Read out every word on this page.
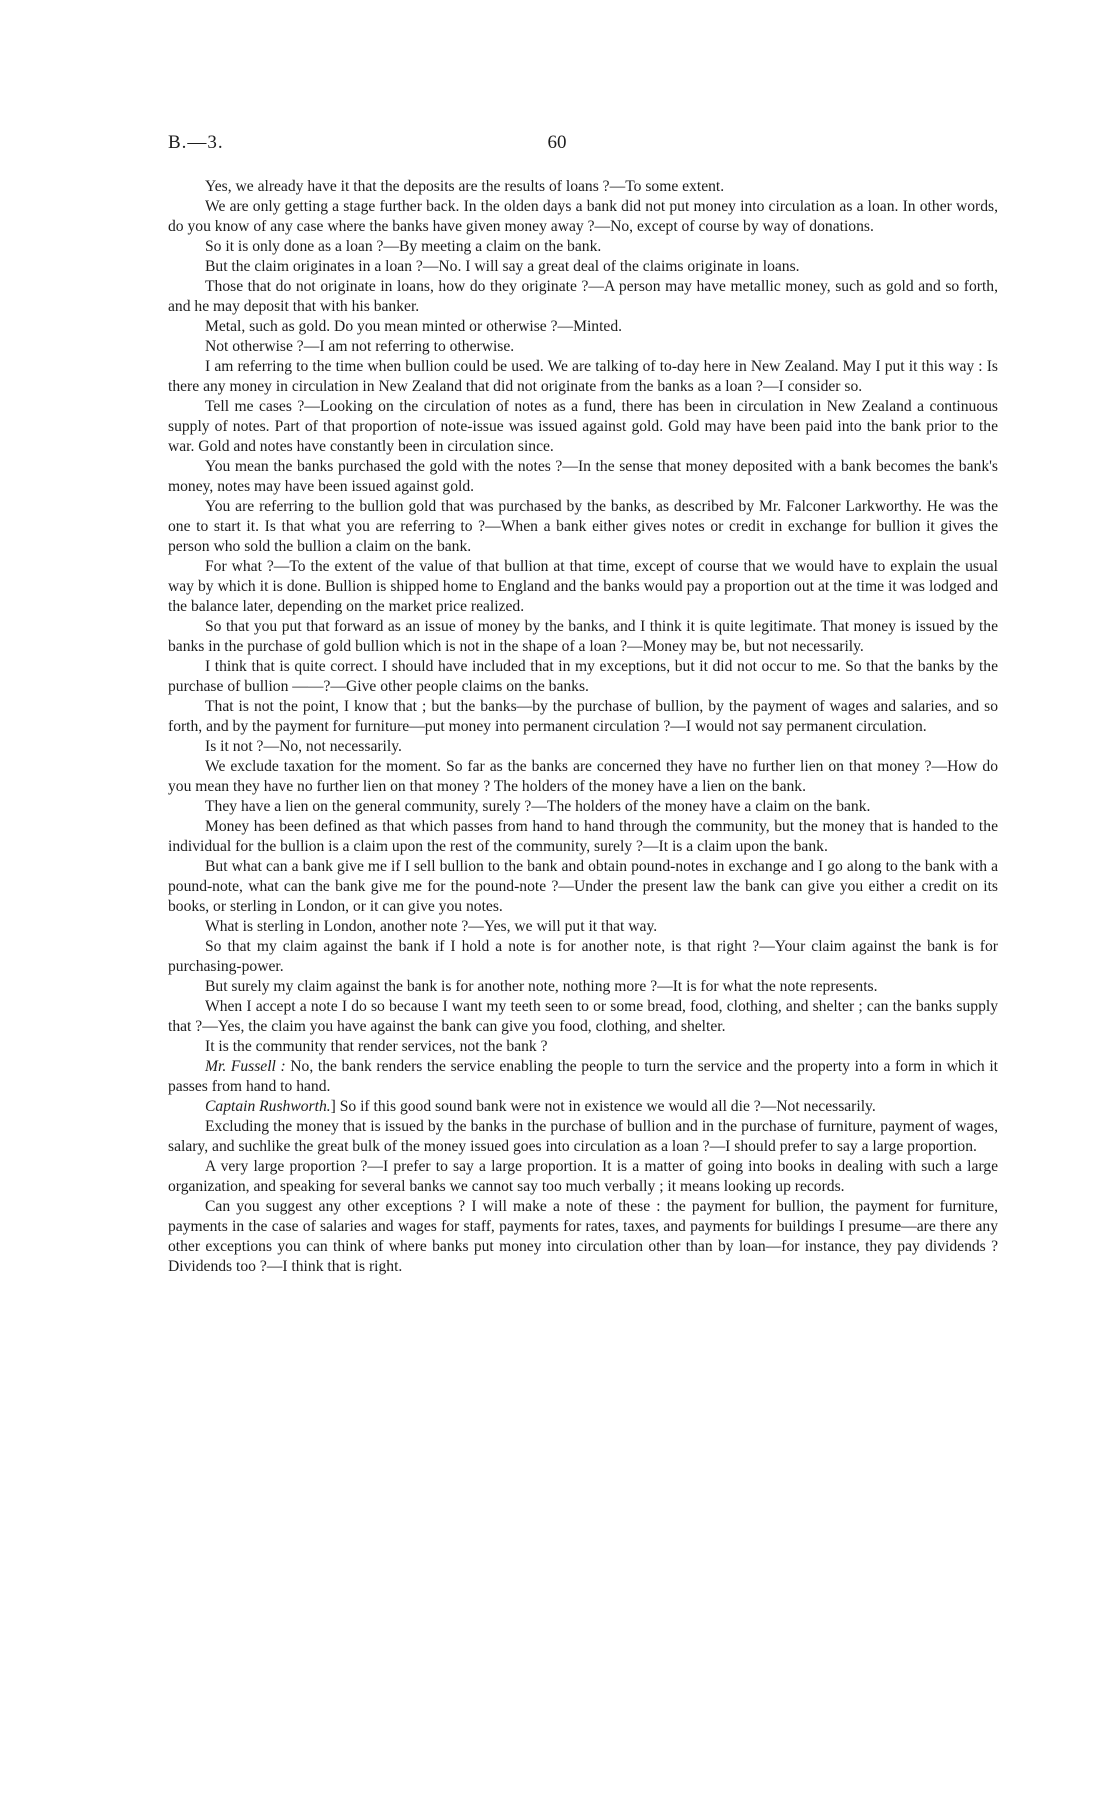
B.—3.	60

Yes, we already have it that the deposits are the results of loans ?—To some extent.

We are only getting a stage further back. In the olden days a bank did not put money into circulation as a loan. In other words, do you know of any case where the banks have given money away ?—No, except of course by way of donations.

So it is only done as a loan ?—By meeting a claim on the bank.

But the claim originates in a loan ?—No. I will say a great deal of the claims originate in loans.

Those that do not originate in loans, how do they originate ?—A person may have metallic money, such as gold and so forth, and he may deposit that with his banker.

Metal, such as gold. Do you mean minted or otherwise ?—Minted.

Not otherwise ?—I am not referring to otherwise.

I am referring to the time when bullion could be used. We are talking of to-day here in New Zealand. May I put it this way : Is there any money in circulation in New Zealand that did not originate from the banks as a loan ?—I consider so.

Tell me cases ?—Looking on the circulation of notes as a fund, there has been in circulation in New Zealand a continuous supply of notes. Part of that proportion of note-issue was issued against gold. Gold may have been paid into the bank prior to the war. Gold and notes have constantly been in circulation since.

You mean the banks purchased the gold with the notes ?—In the sense that money deposited with a bank becomes the bank's money, notes may have been issued against gold.

You are referring to the bullion gold that was purchased by the banks, as described by Mr. Falconer Larkworthy. He was the one to start it. Is that what you are referring to ?—When a bank either gives notes or credit in exchange for bullion it gives the person who sold the bullion a claim on the bank.

For what ?—To the extent of the value of that bullion at that time, except of course that we would have to explain the usual way by which it is done. Bullion is shipped home to England and the banks would pay a proportion out at the time it was lodged and the balance later, depending on the market price realized.

So that you put that forward as an issue of money by the banks, and I think it is quite legitimate. That money is issued by the banks in the purchase of gold bullion which is not in the shape of a loan ?—Money may be, but not necessarily.

I think that is quite correct. I should have included that in my exceptions, but it did not occur to me. So that the banks by the purchase of bullion ——?—Give other people claims on the banks.

That is not the point, I know that ; but the banks—by the purchase of bullion, by the payment of wages and salaries, and so forth, and by the payment for furniture—put money into permanent circulation ?—I would not say permanent circulation.

Is it not ?—No, not necessarily.

We exclude taxation for the moment. So far as the banks are concerned they have no further lien on that money ?—How do you mean they have no further lien on that money ? The holders of the money have a lien on the bank.

They have a lien on the general community, surely ?—The holders of the money have a claim on the bank.

Money has been defined as that which passes from hand to hand through the community, but the money that is handed to the individual for the bullion is a claim upon the rest of the community, surely ?—It is a claim upon the bank.

But what can a bank give me if I sell bullion to the bank and obtain pound-notes in exchange and I go along to the bank with a pound-note, what can the bank give me for the pound-note ?—Under the present law the bank can give you either a credit on its books, or sterling in London, or it can give you notes.

What is sterling in London, another note ?—Yes, we will put it that way.

So that my claim against the bank if I hold a note is for another note, is that right ?—Your claim against the bank is for purchasing-power.

But surely my claim against the bank is for another note, nothing more ?—It is for what the note represents.

When I accept a note I do so because I want my teeth seen to or some bread, food, clothing, and shelter ; can the banks supply that ?—Yes, the claim you have against the bank can give you food, clothing, and shelter.

It is the community that render services, not the bank ?

Mr. Fussell : No, the bank renders the service enabling the people to turn the service and the property into a form in which it passes from hand to hand.

Captain Rushworth.] So if this good sound bank were not in existence we would all die ?—Not necessarily.

Excluding the money that is issued by the banks in the purchase of bullion and in the purchase of furniture, payment of wages, salary, and suchlike the great bulk of the money issued goes into circulation as a loan ?—I should prefer to say a large proportion.

A very large proportion ?—I prefer to say a large proportion. It is a matter of going into books in dealing with such a large organization, and speaking for several banks we cannot say too much verbally ; it means looking up records.

Can you suggest any other exceptions ? I will make a note of these : the payment for bullion, the payment for furniture, payments in the case of salaries and wages for staff, payments for rates, taxes, and payments for buildings I presume—are there any other exceptions you can think of where banks put money into circulation other than by loan—for instance, they pay dividends ? Dividends too ?—I think that is right.
